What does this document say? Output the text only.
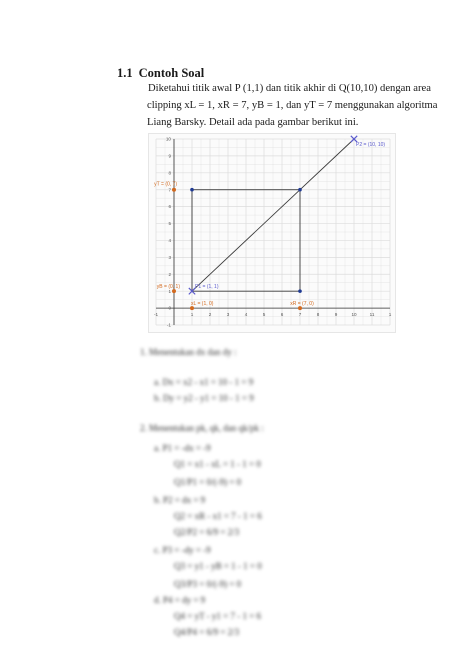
1.1 Contoh Soal
Diketahui titik awal P (1,1) dan titik akhir di Q(10,10) dengan area
clipping xL = 1, xR = 7, yB = 1, dan yT = 7 menggunakan algoritma
Liang Barsky. Detail ada pada gambar berikut ini.
-1	1	2	3	4	5	6	7	8	9	10	11	1
10
9
8
7
6
5
4
3
2
1
0
-1
P1 = (1, 1)
P2 = (10, 10)
yT = (0, 7)
yB = (0, 1)
xL = (1, 0)	xR = (7, 0)
1. Menentukan dx dan dy :
a. Dx = x2 - x1 = 10 - 1 = 9
b. Dy = y2 - y1 = 10 - 1 = 9
2. Menentukan pk, qk, dan qk/pk :
a. P1 = -dx = -9
Q1 = x1 - xL = 1 - 1 = 0
Q1/P1 = 0/(-9) = 0
b. P2 = dx = 9
Q2 = xR - x1 = 7 - 1 = 6
Q2/P2 = 6/9 = 2/3
c. P3 = -dy = -9
Q3 = y1 - yB = 1 - 1 = 0
Q3/P3 = 0/(-9) = 0
d. P4 = dy = 9
Q4 = yT - y1 = 7 - 1 = 6
Q4/P4 = 6/9 = 2/3
